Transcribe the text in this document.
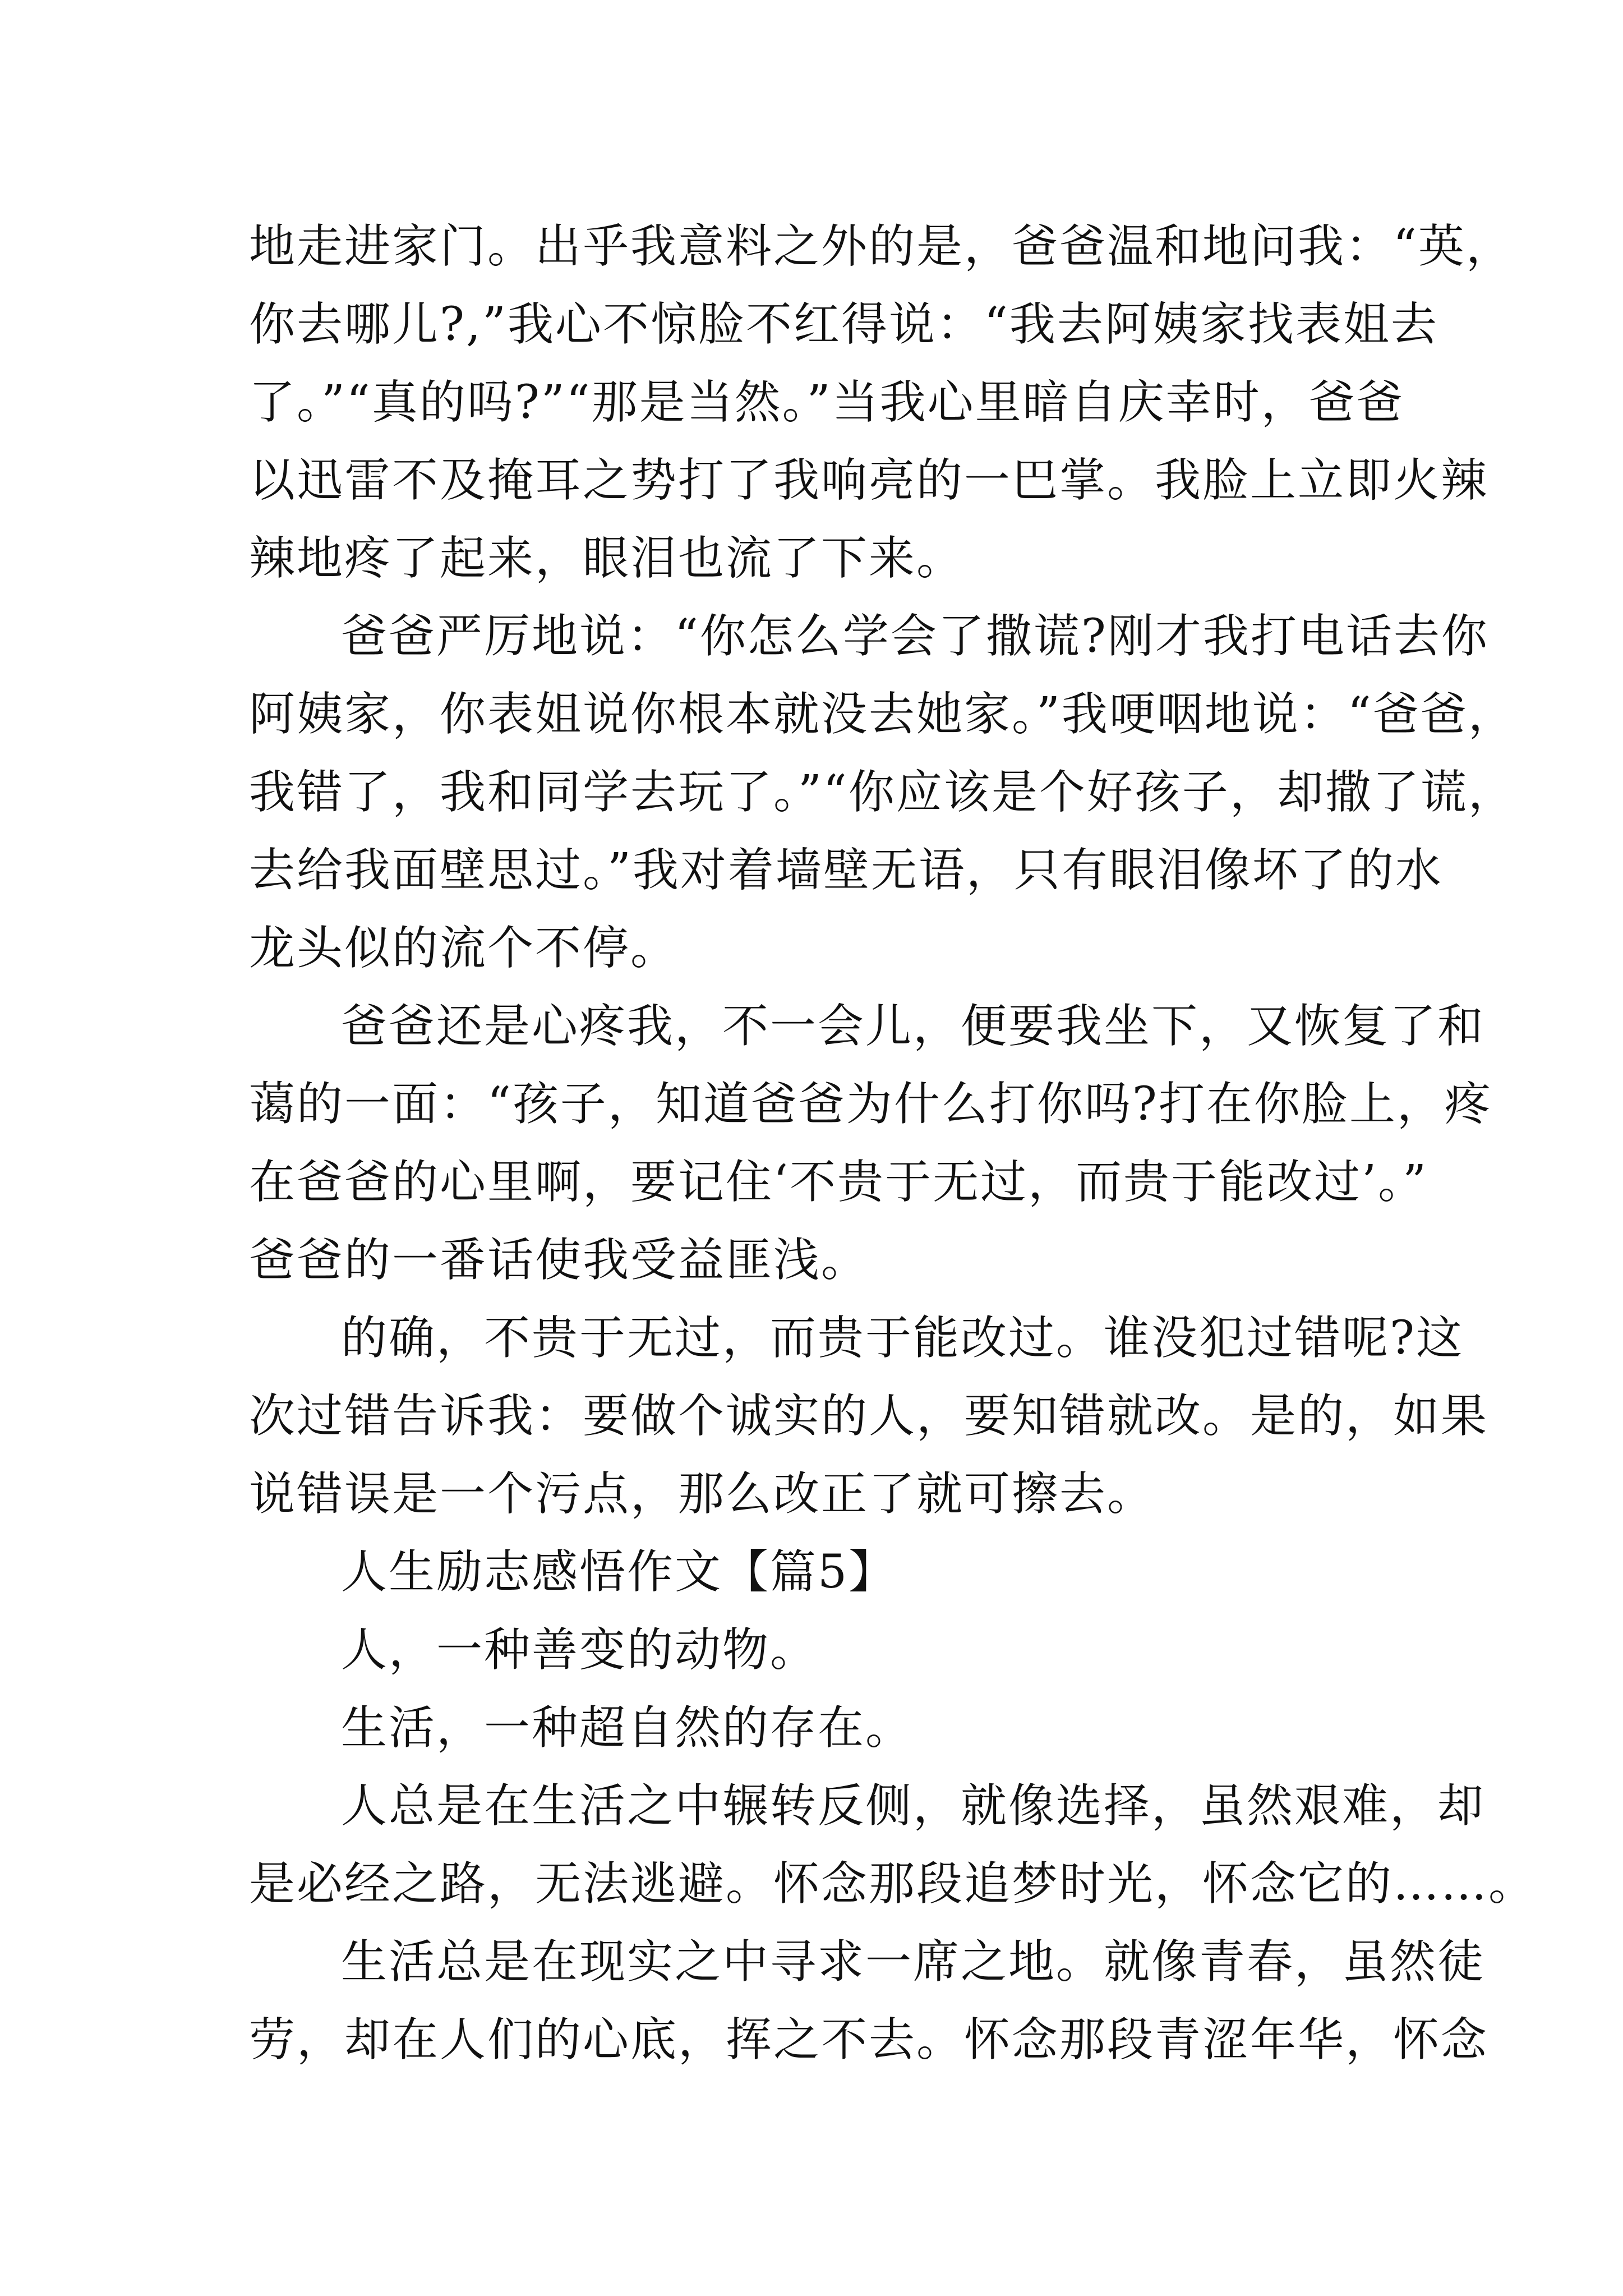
地走进家门。出乎我意料之外的是，爸爸温和地问我：“英，
你去哪儿?,”我心不惊脸不红得说：“我去阿姨家找表姐去
了。”“真的吗?”“那是当然。”当我心里暗自庆幸时，爸爸
以迅雷不及掩耳之势打了我响亮的一巴掌。我脸上立即火辣
辣地疼了起来，眼泪也流了下来。
爸爸严厉地说：“你怎么学会了撒谎?刚才我打电话去你
阿姨家，你表姐说你根本就没去她家。”我哽咽地说：“爸爸，
我错了，我和同学去玩了。”“你应该是个好孩子，却撒了谎，
去给我面壁思过。”我对着墙壁无语，只有眼泪像坏了的水
龙头似的流个不停。
爸爸还是心疼我，不一会儿，便要我坐下，又恢复了和
蔼的一面：“孩子，知道爸爸为什么打你吗?打在你脸上，疼
在爸爸的心里啊，要记住‘不贵于无过，而贵于能改过’。”
爸爸的一番话使我受益匪浅。
的确，不贵于无过，而贵于能改过。谁没犯过错呢?这
次过错告诉我：要做个诚实的人，要知错就改。是的，如果
说错误是一个污点，那么改正了就可擦去。
人生励志感悟作文【篇5】
人，一种善变的动物。
生活，一种超自然的存在。
人总是在生活之中辗转反侧，就像选择，虽然艰难，却
是必经之路，无法逃避。怀念那段追梦时光，怀念它的……。
生活总是在现实之中寻求一席之地。就像青春，虽然徒
劳，却在人们的心底，挥之不去。怀念那段青涩年华，怀念
